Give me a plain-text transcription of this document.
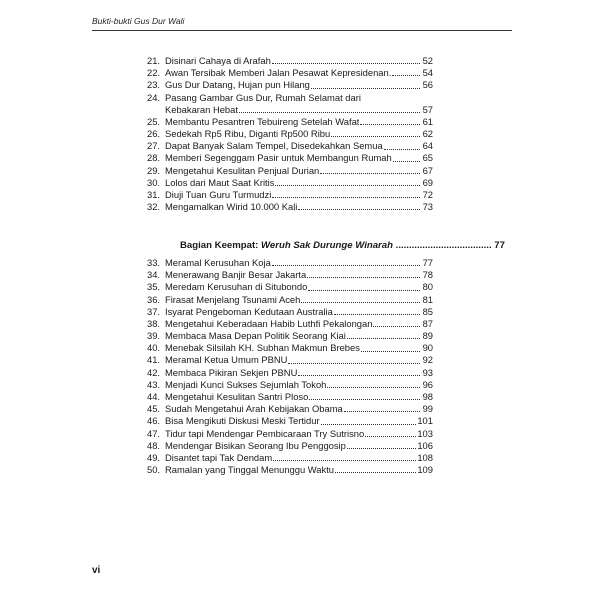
Bukti-bukti Gus Dur Wali
21. Disinari Cahaya di Arafah	52
22. Awan Tersibak Memberi Jalan Pesawat Kepresidenan.	54
23. Gus Dur Datang, Hujan pun Hilang	56
24. Pasang Gambar Gus Dur, Rumah Selamat dari
Kebakaran Hebat	57
25. Membantu Pesantren Tebuireng Setelah Wafat	61
26. Sedekah Rp5 Ribu, Diganti Rp500 Ribu	62
27. Dapat Banyak Salam Tempel, Disedekahkan Semua	64
28. Memberi Segenggam Pasir untuk Membangun Rumah	65
29. Mengetahui Kesulitan Penjual Durian	67
30. Lolos dari Maut Saat Kritis	69
31. Diuji Tuan Guru Turmudzi	72
32. Mengamalkan Wirid 10.000 Kali	73
Bagian Keempat: Weruh Sak Durunge Winarah .................................... 77
33. Meramal Kerusuhan Koja	77
34. Menerawang Banjir Besar Jakarta	78
35. Meredam Kerusuhan di Situbondo	80
36. Firasat Menjelang Tsunami Aceh	81
37. Isyarat Pengeboman Kedutaan Australia	85
38. Mengetahui Keberadaan Habib Luthfi Pekalongan	87
39. Membaca Masa Depan Politik Seorang Kiai	89
40. Menebak Silsilah KH. Subhan Makmun Brebes	90
41. Meramal Ketua Umum PBNU	92
42. Membaca Pikiran Sekjen PBNU	93
43. Menjadi Kunci Sukses Sejumlah Tokoh	96
44. Mengetahui Kesulitan Santri Ploso	98
45. Sudah Mengetahui Arah Kebijakan Obama	99
46. Bisa Mengikuti Diskusi Meski Tertidur	101
47. Tidur tapi Mendengar Pembicaraan Try Sutrisno	103
48. Mendengar Bisikan Seorang Ibu Penggosip	106
49. Disantet tapi Tak Dendam	108
50. Ramalan yang Tinggal Menunggu Waktu	109
vi
